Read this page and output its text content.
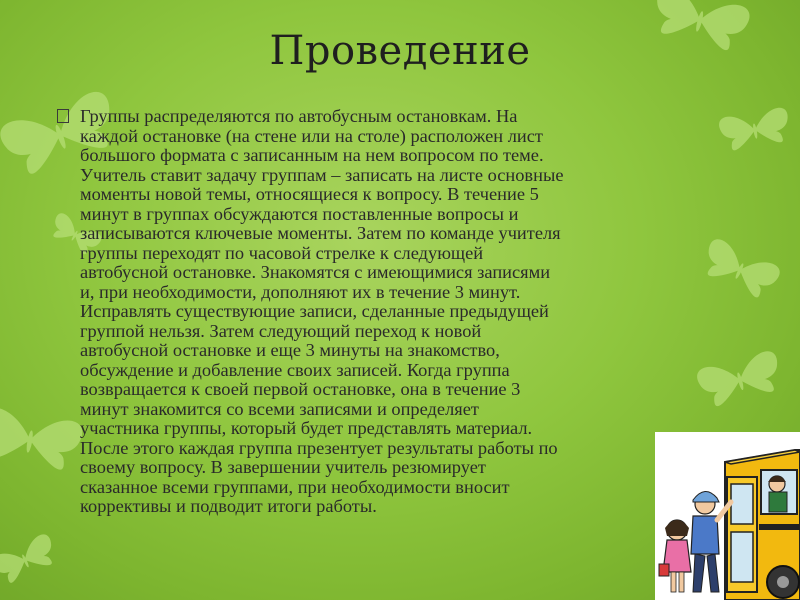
Проведение

Группы распределяются по автобусным остановкам. На
каждой остановке (на стене или на столе) расположен лист
большого формата с записанным на нем вопросом по теме.
Учитель ставит задачу группам – записать на листе основные
моменты новой темы, относящиеся к вопросу. В течение 5
минут в группах обсуждаются поставленные вопросы и
записываются ключевые моменты. Затем по команде учителя
группы переходят по часовой стрелке к следующей
автобусной остановке. Знакомятся с имеющимися записями
и, при необходимости, дополняют их в течение 3 минут.
Исправлять существующие записи, сделанные предыдущей
группой нельзя. Затем следующий переход к новой
автобусной остановке и еще 3 минуты на знакомство,
обсуждение и добавление своих записей. Когда группа
возвращается к своей первой остановке, она в течение 3
минут знакомится со всеми записями и определяет
участника группы, который будет представлять материал.
После этого каждая группа презентует результаты работы по
своему вопросу. В завершении учитель резюмирует
сказанное всеми группами, при необходимости вносит
коррективы и подводит итоги работы.
